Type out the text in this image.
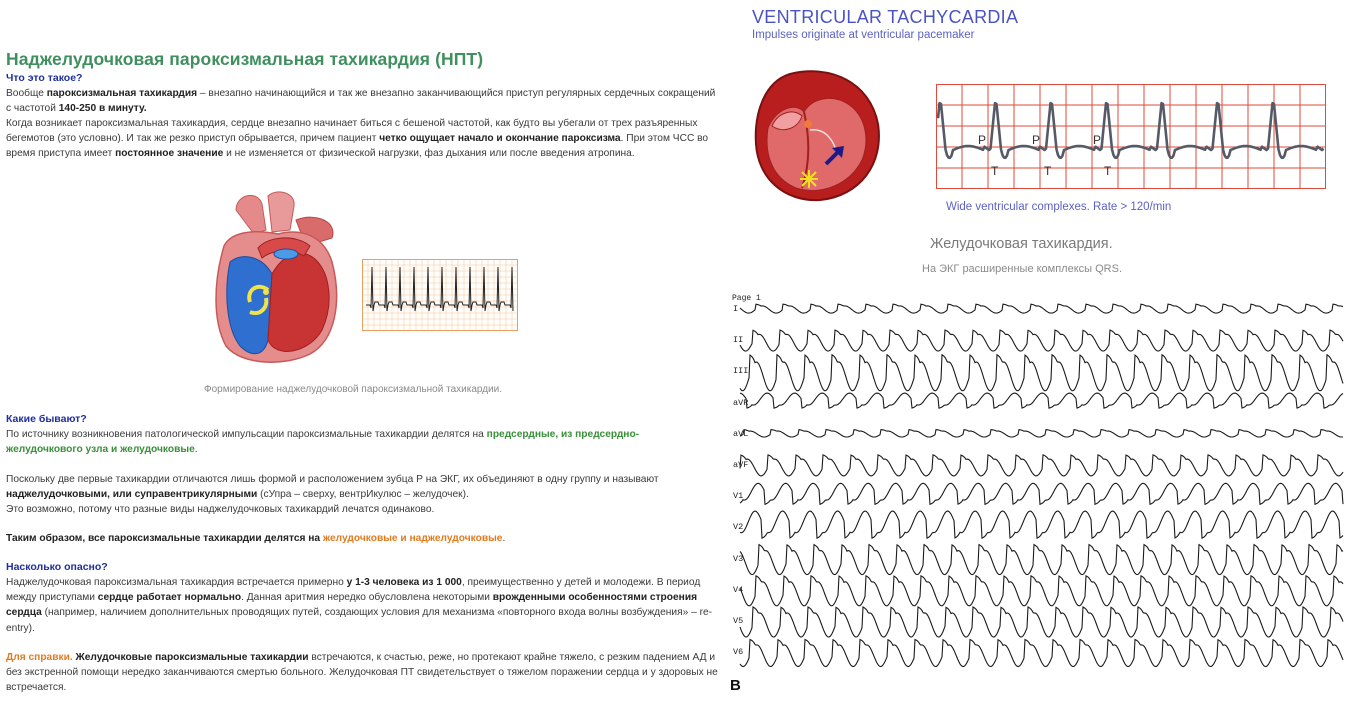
Наджелудочковая пароксизмальная тахикардия (НПТ)
Что это такое?

Вообще пароксизмальная тахикардия – внезапно начинающийся и так же внезапно заканчивающийся приступ регулярных сердечных сокращений с частотой 140-250 в минуту.

Когда возникает пароксизмальная тахикардия, сердце внезапно начинает биться с бешеной частотой, как будто вы убегали от трех разъяренных бегемотов (это условно). И так же резко приступ обрывается, причем пациент четко ощущает начало и окончание пароксизма. При этом ЧСС во время приступа имеет постоянное значение и не изменяется от физической нагрузки, фаз дыхания или после введения атропина.

Формирование наджелудочковой пароксизмальной тахикардии.
Какие бывают?

По источнику возникновения патологической импульсации пароксизмальные тахикардии делятся на предсердные, из предсердно-желудочкового узла и желудочковые.

Поскольку две первые тахикардии отличаются лишь формой и расположением зубца Р на ЭКГ, их объединяют в одну группу и называют наджелудочковыми, или суправентрикулярными (сУпра – сверху, вентрИкулюс – желудочек).
Это возможно, потому что разные виды наджелудочковых тахикардий лечатся одинаково.

Таким образом, все пароксизмальные тахикардии делятся на желудочковые и наджелудочковые.

Насколько опасно?

Наджелудочковая пароксизмальная тахикардия встречается примерно у 1-3 человека из 1 000, преимущественно у детей и молодежи. В период между приступами сердце работает нормально. Данная аритмия нередко обусловлена некоторыми врожденными особенностями строения сердца (например, наличием дополнительных проводящих путей, создающих условия для механизма «повторного входа волны возбуждения» – re-entry).

Для справки. Желудочковые пароксизмальные тахикардии встречаются, к счастью, реже, но протекают крайне тяжело, с резким падением АД и без экстренной помощи нередко заканчиваются смертью больного. Желудочковая ПТ свидетельствует о тяжелом поражении сердца и у здоровых не встречается.

VENTRICULAR TACHYCARDIA
Impulses originate at ventricular pacemaker
P	P	P
T	T	T
Wide ventricular complexes. Rate > 120/min
Желудочковая тахикардия.
На ЭКГ расширенные комплексы QRS.
Page 1
I
II
III
aVR
aVL
aVF
V1
V2
V3
V4
V5
V6
B
